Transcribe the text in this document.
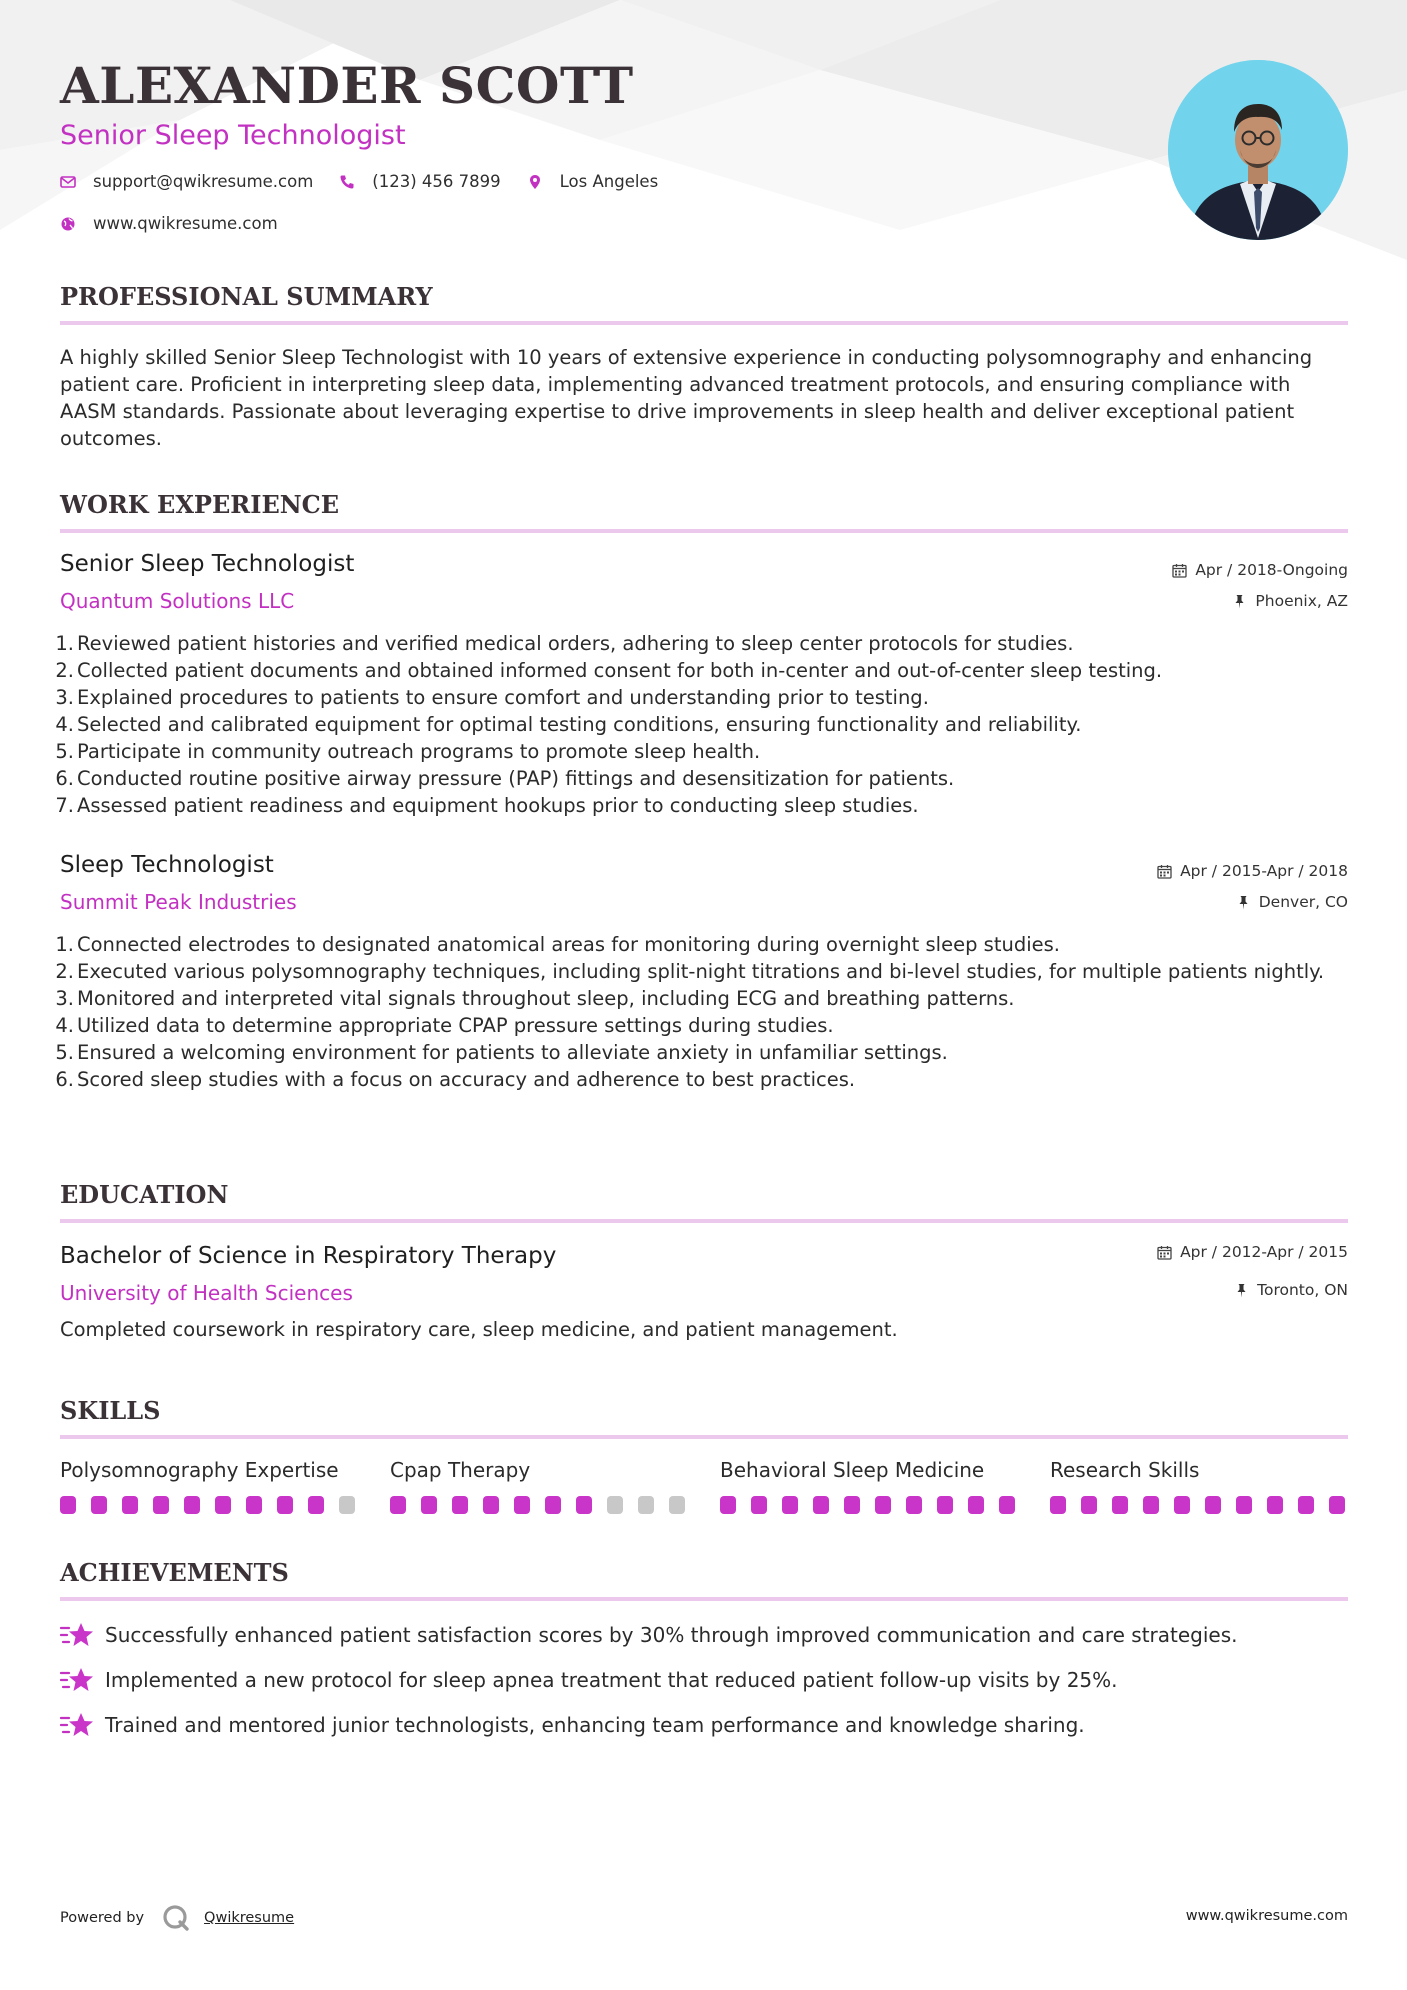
ALEXANDER SCOTT
Senior Sleep Technologist
support@qwikresume.com	(123) 456 7899	Los Angeles
www.qwikresume.com
PROFESSIONAL SUMMARY

A highly skilled Senior Sleep Technologist with 10 years of extensive experience in conducting polysomnography and enhancing patient care. Proficient in interpreting sleep data, implementing advanced treatment protocols, and ensuring compliance with AASM standards. Passionate about leveraging expertise to drive improvements in sleep health and deliver exceptional patient outcomes.

WORK EXPERIENCE
Senior Sleep Technologist
Quantum Solutions LLC
Apr / 2018-Ongoing
Phoenix, AZ
1. Reviewed patient histories and verified medical orders, adhering to sleep center protocols for studies.
2. Collected patient documents and obtained informed consent for both in-center and out-of-center sleep testing.
3. Explained procedures to patients to ensure comfort and understanding prior to testing.
4. Selected and calibrated equipment for optimal testing conditions, ensuring functionality and reliability.
5. Participate in community outreach programs to promote sleep health.
6. Conducted routine positive airway pressure (PAP) fittings and desensitization for patients.
7. Assessed patient readiness and equipment hookups prior to conducting sleep studies.
Sleep Technologist
Summit Peak Industries
Apr / 2015-Apr / 2018
Denver, CO
1. Connected electrodes to designated anatomical areas for monitoring during overnight sleep studies.
2. Executed various polysomnography techniques, including split-night titrations and bi-level studies, for multiple patients nightly.
3. Monitored and interpreted vital signals throughout sleep, including ECG and breathing patterns.
4. Utilized data to determine appropriate CPAP pressure settings during studies.
5. Ensured a welcoming environment for patients to alleviate anxiety in unfamiliar settings.
6. Scored sleep studies with a focus on accuracy and adherence to best practices.
EDUCATION
Bachelor of Science in Respiratory Therapy
University of Health Sciences
Apr / 2012-Apr / 2015
Toronto, ON
Completed coursework in respiratory care, sleep medicine, and patient management.
SKILLS
Polysomnography Expertise	Cpap Therapy	Behavioral Sleep Medicine	Research Skills
ACHIEVEMENTS
Successfully enhanced patient satisfaction scores by 30% through improved communication and care strategies.
Implemented a new protocol for sleep apnea treatment that reduced patient follow-up visits by 25%.
Trained and mentored junior technologists, enhancing team performance and knowledge sharing.
Powered by	Qwikresume	www.qwikresume.com
